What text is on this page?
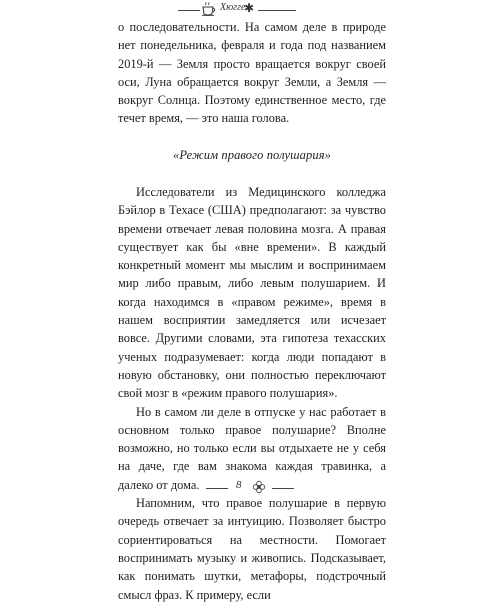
Хюгге
✱

о последовательности. На самом деле в природе нет понедельника, февраля и года под названием 2019-й — Земля просто вращается вокруг своей оси, Луна обращается вокруг Земли, а Земля — вокруг Солнца. Поэтому единственное место, где течет время, — это наша голова.

«Режим правого полушария»

Исследователи из Медицинского колледжа Бэйлор в Техасе (США) предполагают: за чувство времени отвечает левая половина мозга. А правая существует как бы «вне времени». В каждый конкретный момент мы мыслим и воспринимаем мир либо правым, либо левым полушарием. И когда находимся в «правом режиме», время в нашем восприятии замедляется или исчезает вовсе. Другими словами, эта гипотеза техасских ученых подразумевает: когда люди попадают в новую обстановку, они полностью переключают свой мозг в «режим правого полушария».

Но в самом ли деле в отпуске у нас работает в основном только правое полушарие? Вполне возможно, но только если вы отдыхаете не у себя на даче, где вам знакома каждая травинка, а далеко от дома.

Напомним, что правое полушарие в первую очередь отвечает за интуицию. Позволяет быстро сориентироваться на местности. Помогает воспринимать музыку и живопись. Подсказывает, как понимать шутки, метафоры, подстрочный смысл фраз. К примеру, если

8
